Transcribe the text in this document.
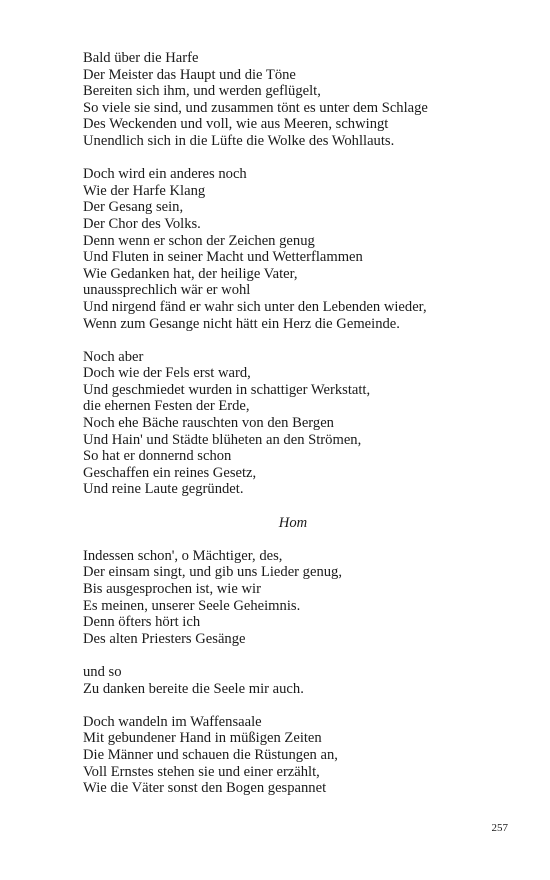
Bald über die Harfe
Der Meister das Haupt und die Töne
Bereiten sich ihm, und werden geflügelt,
So viele sie sind, und zusammen tönt es unter dem Schlage
Des Weckenden und voll, wie aus Meeren, schwingt
Unendlich sich in die Lüfte die Wolke des Wohllauts.
Doch wird ein anderes noch
Wie der Harfe Klang
Der Gesang sein,
Der Chor des Volks.
Denn wenn er schon der Zeichen genug
Und Fluten in seiner Macht und Wetterflammen
Wie Gedanken hat, der heilige Vater,
unaussprechlich wär er wohl
Und nirgend fänd er wahr sich unter den Lebenden wieder,
Wenn zum Gesange nicht hätt ein Herz die Gemeinde.
Noch aber
Doch wie der Fels erst ward,
Und geschmiedet wurden in schattiger Werkstatt,
die ehernen Festen der Erde,
Noch ehe Bäche rauschten von den Bergen
Und Hain' und Städte blüheten an den Strömen,
So hat er donnernd schon
Geschaffen ein reines Gesetz,
Und reine Laute gegründet.
Hom
Indessen schon', o Mächtiger, des,
Der einsam singt, und gib uns Lieder genug,
Bis ausgesprochen ist, wie wir
Es meinen, unserer Seele Geheimnis.
Denn öfters hört ich
Des alten Priesters Gesänge
und so
Zu danken bereite die Seele mir auch.
Doch wandeln im Waffensaale
Mit gebundener Hand in müßigen Zeiten
Die Männer und schauen die Rüstungen an,
Voll Ernstes stehen sie und einer erzählt,
Wie die Väter sonst den Bogen gespannet
257
